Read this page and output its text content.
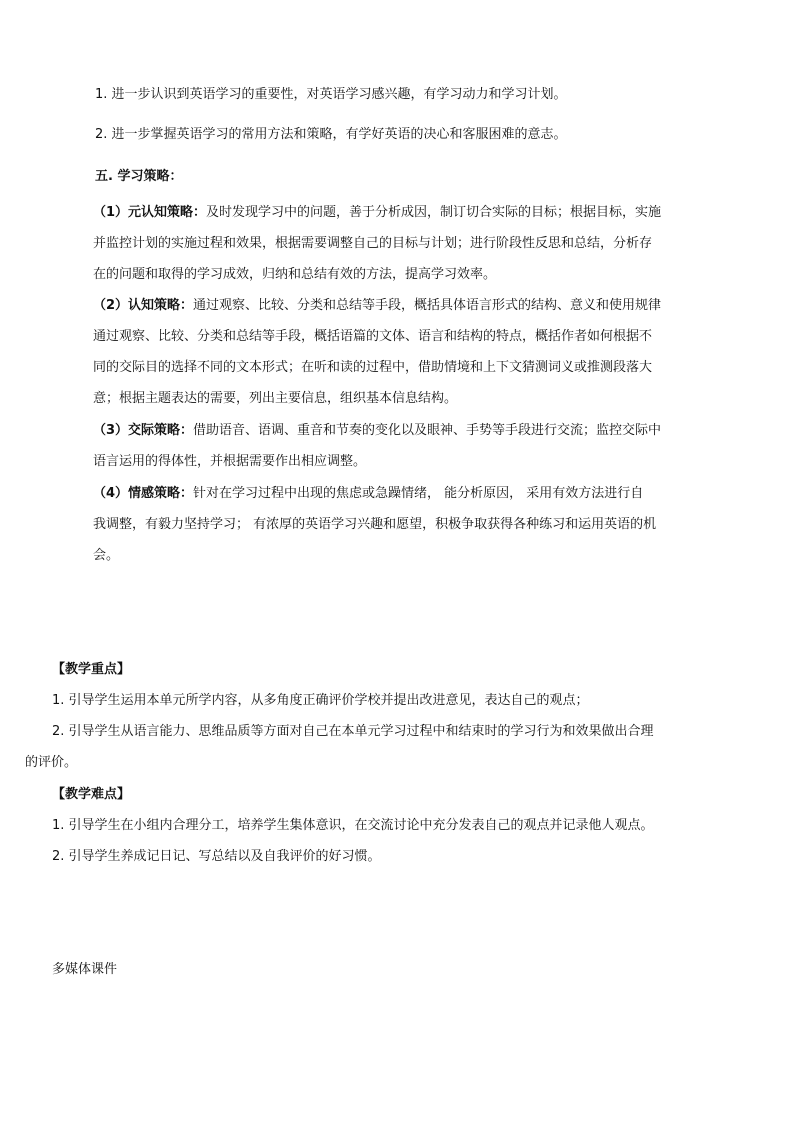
1. 进一步认识到英语学习的重要性，对英语学习感兴趣，有学习动力和学习计划。
2. 进一步掌握英语学习的常用方法和策略，有学好英语的决心和客服困难的意志。
五. 学习策略：
（1）元认知策略：及时发现学习中的问题，善于分析成因，制订切合实际的目标；根据目标，实施
并监控计划的实施过程和效果，根据需要调整自己的目标与计划；进行阶段性反思和总结，分析存
在的问题和取得的学习成效，归纳和总结有效的方法，提高学习效率。
（2）认知策略：通过观察、比较、分类和总结等手段，概括具体语言形式的结构、意义和使用规律
通过观察、比较、分类和总结等手段，概括语篇的文体、语言和结构的特点，概括作者如何根据不
同的交际目的选择不同的文本形式；在听和读的过程中，借助情境和上下文猜测词义或推测段落大
意；根据主题表达的需要，列出主要信息，组织基本信息结构。
（3）交际策略：借助语音、语调、重音和节奏的变化以及眼神、手势等手段进行交流；监控交际中
语言运用的得体性，并根据需要作出相应调整。
（4）情感策略：针对在学习过程中出现的焦虑或急躁情绪， 能分析原因， 采用有效方法进行自
我调整，有毅力坚持学习； 有浓厚的英语学习兴趣和愿望，积极争取获得各种练习和运用英语的机
会。
【教学重点】
1. 引导学生运用本单元所学内容，从多角度正确评价学校并提出改进意见，表达自己的观点；
2. 引导学生从语言能力、思维品质等方面对自己在本单元学习过程中和结束时的学习行为和效果做出合理
的评价。
【教学难点】
1. 引导学生在小组内合理分工，培养学生集体意识，在交流讨论中充分发表自己的观点并记录他人观点。
2. 引导学生养成记日记、写总结以及自我评价的好习惯。
多媒体课件
